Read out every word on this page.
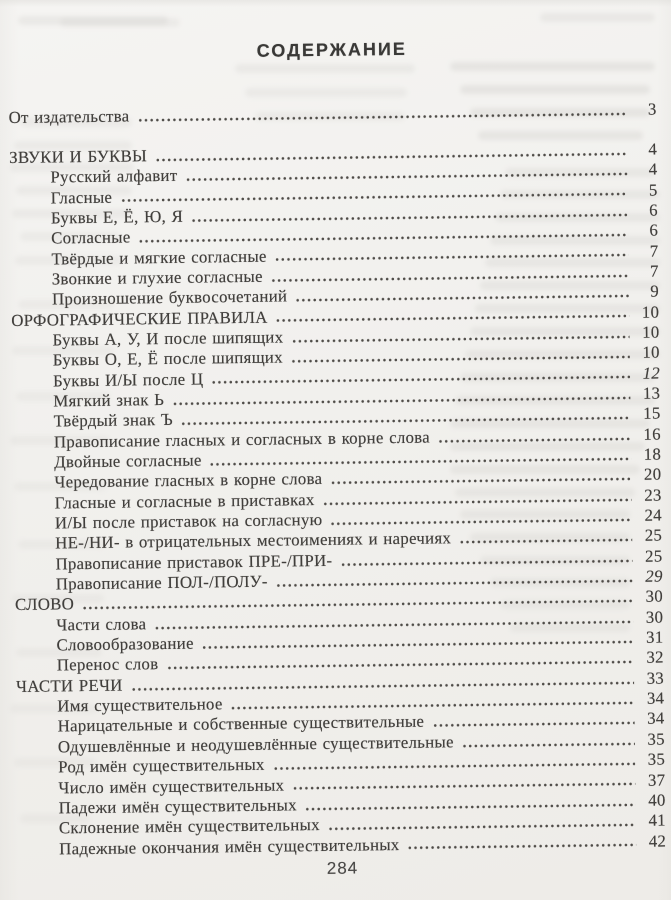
СОДЕРЖАНИЕ
От издательства	3
ЗВУКИ И БУКВЫ	4
Русский алфавит	4
Гласные	5
Буквы Е, Ё, Ю, Я	6
Согласные	6
Твёрдые и мягкие согласные	7
Звонкие и глухие согласные	7
Произношение буквосочетаний	9
ОРФОГРАФИЧЕСКИЕ ПРАВИЛА	10
Буквы А, У, И после шипящих	10
Буквы О, Е, Ё после шипящих	10
Буквы И/Ы после Ц	12
Мягкий знак Ь	13
Твёрдый знак Ъ	15
Правописание гласных и согласных в корне слова	16
Двойные согласные	18
Чередование гласных в корне слова	20
Гласные и согласные в приставках	23
И/Ы после приставок на согласную	24
НЕ-/НИ- в отрицательных местоимениях и наречиях	25
Правописание приставок ПРЕ-/ПРИ-	25
Правописание ПОЛ-/ПОЛУ-	29
СЛОВО	30
Части слова	30
Словообразование	31
Перенос слов	32
ЧАСТИ РЕЧИ	33
Имя существительное	34
Нарицательные и собственные существительные	34
Одушевлённые и неодушевлённые существительные	35
Род имён существительных	35
Число имён существительных	37
Падежи имён существительных	40
Склонение имён существительных	41
Падежные окончания имён существительных	42
284
